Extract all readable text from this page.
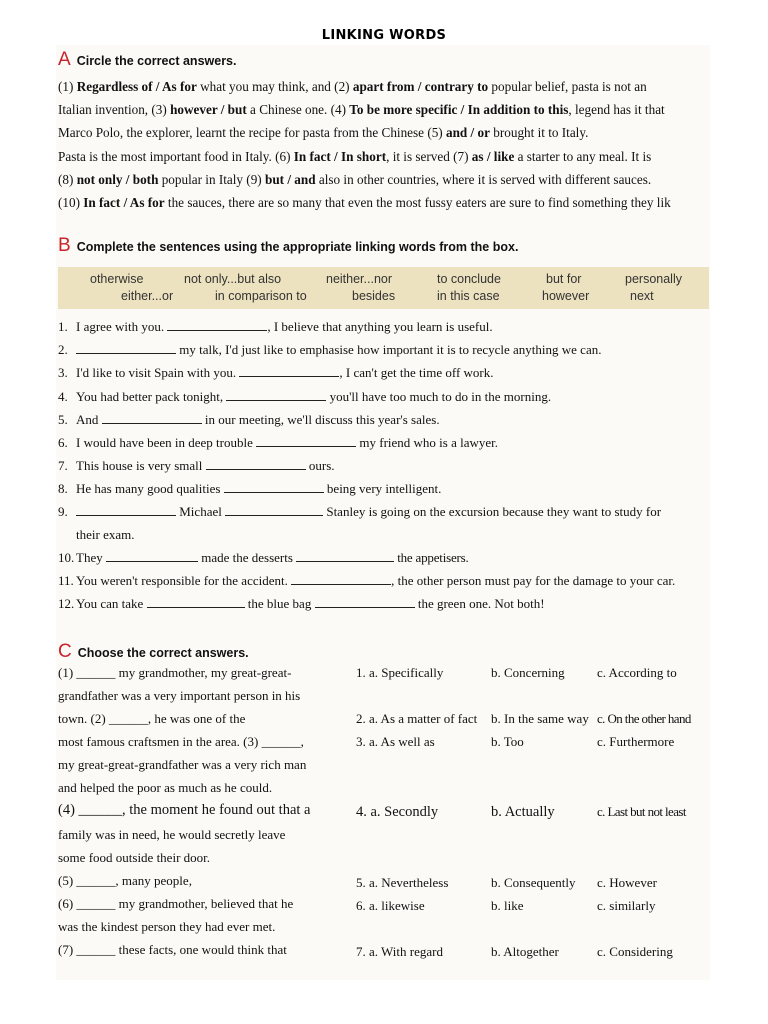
LINKING WORDS
A Circle the correct answers.
(1) Regardless of / As for what you may think, and (2) apart from / contrary to popular belief, pasta is not an
Italian invention, (3) however / but a Chinese one. (4) To be more specific / In addition to this, legend has it that
Marco Polo, the explorer, learnt the recipe for pasta from the Chinese (5) and / or brought it to Italy.
Pasta is the most important food in Italy. (6) In fact / In short, it is served (7) as / like a starter to any meal. It is
(8) not only / both popular in Italy (9) but / and also in other countries, where it is served with different sauces.
(10) In fact / As for the sauces, there are so many that even the most fussy eaters are sure to find something they lik
B Complete the sentences using the appropriate linking words from the box.
otherwise	not only...but also	neither...nor	to conclude	but for	personally
either...or	in comparison to	besides	in this case	however	next
1. I agree with you.	, I believe that anything you learn is useful.
2.	my talk, I'd just like to emphasise how important it is to recycle anything we can.
3. I'd like to visit Spain with you.	, I can't get the time off work.
4. You had better pack tonight,	you'll have too much to do in the morning.
5. And	in our meeting, we'll discuss this year's sales.
6. I would have been in deep trouble	my friend who is a lawyer.
7. This house is very small	ours.
8. He has many good qualities	being very intelligent.
9.	Michael	Stanley is going on the excursion because they want to study for
their exam.
10. They	made the desserts	the appetisers.
11. You weren't responsible for the accident.	, the other person must pay for the damage to your car.
12. You can take	the blue bag	the green one. Not both!
C Choose the correct answers.
(1) ______ my grandmother, my great-great-
grandfather was a very important person in his
town. (2) ______, he was one of the
most famous craftsmen in the area. (3) ______,
my great-great-grandfather was a very rich man
and helped the poor as much as he could.
(4) ______, the moment he found out that a
family was in need, he would secretly leave
some food outside their door.
(5) ______, many people,
(6) ______ my grandmother, believed that he
was the kindest person they had ever met.
(7) ______ these facts, one would think that
1. a. Specifically	b. Concerning c. According to
2. a. As a matter of fact b. In the same way c. On the other hand
3. a. As well as	b. Too	c. Furthermore
4. a. Secondly	b. Actually	c. Last but not least
5. a. Nevertheless	b. Consequently c. However
6. a. likewise	b. like	c. similarly
7. a. With regard	b. Altogether	c. Considering
